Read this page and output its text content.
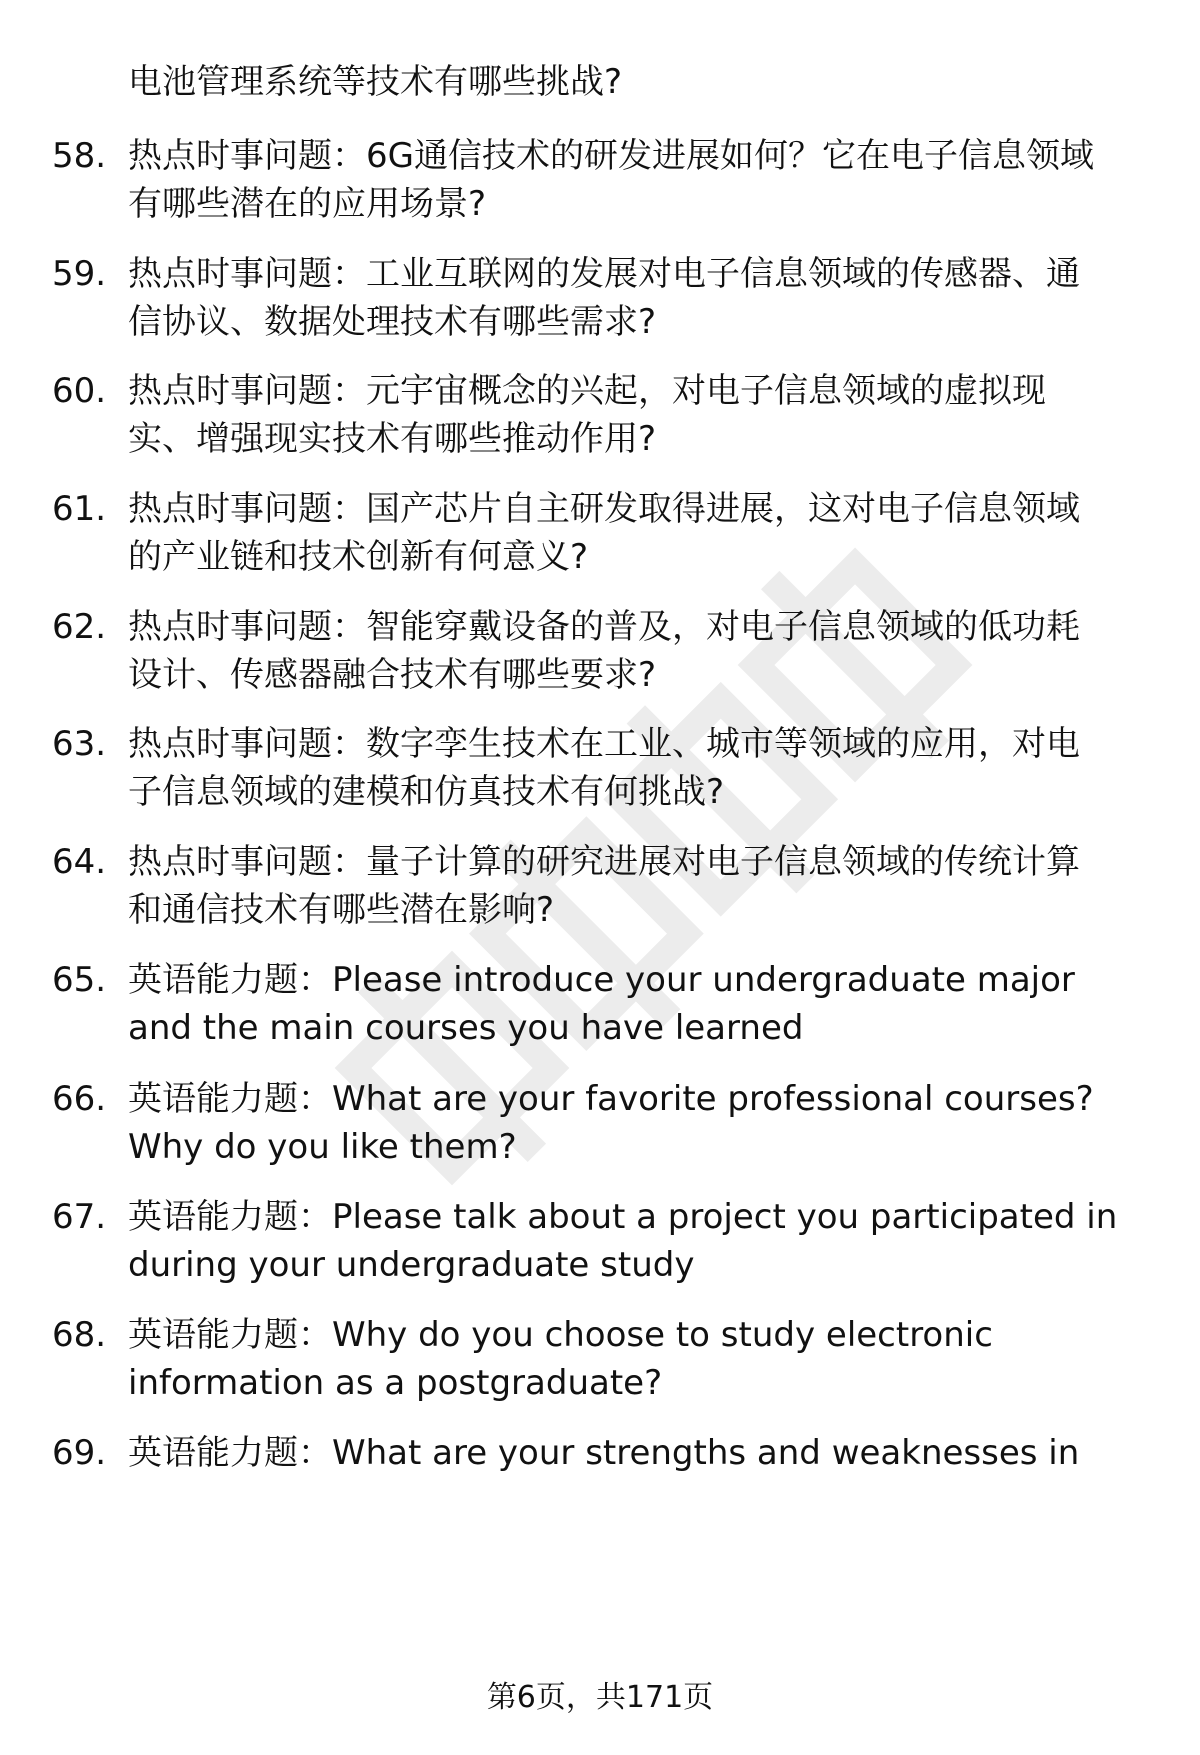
电池管理系统等技术有哪些挑战?
58. 热点时事问题：6G通信技术的研发进展如何？它在电子信息领域
有哪些潜在的应用场景?
59. 热点时事问题：工业互联网的发展对电子信息领域的传感器、通
信协议、数据处理技术有哪些需求?
60. 热点时事问题：元宇宙概念的兴起，对电子信息领域的虚拟现
实、增强现实技术有哪些推动作用?
61. 热点时事问题：国产芯片自主研发取得进展，这对电子信息领域
的产业链和技术创新有何意义?
62. 热点时事问题：智能穿戴设备的普及，对电子信息领域的低功耗
设计、传感器融合技术有哪些要求?
63. 热点时事问题：数字孪生技术在工业、城市等领域的应用，对电
子信息领域的建模和仿真技术有何挑战?
64. 热点时事问题：量子计算的研究进展对电子信息领域的传统计算
和通信技术有哪些潜在影响?
65. 英语能力题：Please introduce your undergraduate major
and the main courses you have learned
66. 英语能力题：What are your favorite professional courses?
Why do you like them?
67. 英语能力题：Please talk about a project you participated in
during your undergraduate study
68. 英语能力题：Why do you choose to study electronic
information as a postgraduate?
69. 英语能力题：What are your strengths and weaknesses in
第6页，共171页
